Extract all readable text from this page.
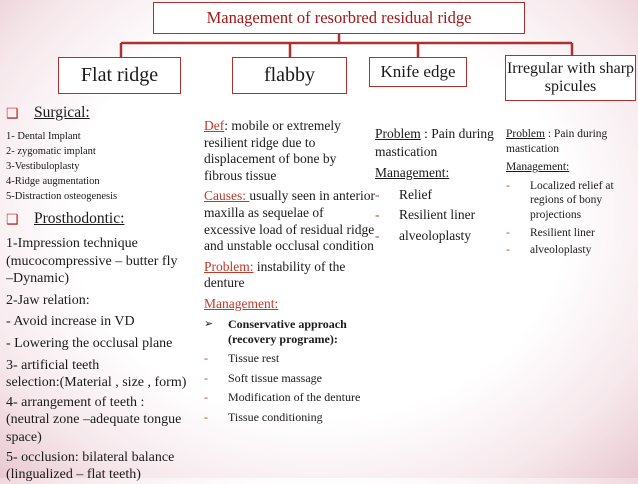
Management of resorbred residual ridge
Flat ridge	flabby	Knife edge	Irregular with sharp spicules
❑ Surgical:
1- Dental Implant
2- zygomatic implant
3-Vestibuloplasty
4-Ridge augmentation
5-Distraction osteogenesis
❑ Prosthodontic:
1-Impression technique
(mucocompressive – butter fly
–Dynamic)
2-Jaw relation:
- Avoid increase in VD
- Lowering the occlusal plane
3- artificial teeth
selection:(Material , size , form)
4- arrangement of teeth :
(neutral zone –adequate tongue
space)
5- occlusion: bilateral balance
(lingualized – flat teeth)
Def: mobile or extremely resilient ridge due to displacement of bone by fibrous tissue
Causes: usually seen in anterior maxilla as sequelae of excessive load of residual ridge and unstable occlusal condition
Problem: instability of the denture
Management:
➢	Conservative approach (recovery programe):
-	Tissue rest
-	Soft tissue massage
-	Modification of the denture
-	Tissue conditioning
Problem : Pain during mastication
Management:
-	Relief
-	Resilient liner
-	alveoloplasty
Problem : Pain during mastication
Management:
-	Localized relief at regions of bony projections
-	Resilient liner
-	alveoloplasty
